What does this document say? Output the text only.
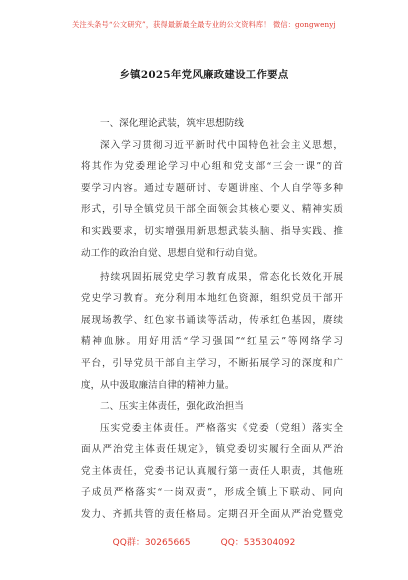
关注头条号“公文研究”，获得最新最全最专业的公文资料库！ 微信：gongwenyj
乡镇2025年党风廉政建设工作要点
一、深化理论武装，筑牢思想防线
深入学习贯彻习近平新时代中国特色社会主义思想，
将其作为党委理论学习中心组和党支部“三会一课”的首
要学习内容。通过专题研讨、专题讲座、个人自学等多种
形式，引导全镇党员干部全面领会其核心要义、精神实质
和实践要求，切实增强用新思想武装头脑、指导实践、推
动工作的政治自觉、思想自觉和行动自觉。
持续巩固拓展党史学习教育成果，常态化长效化开展
党史学习教育。充分利用本地红色资源，组织党员干部开
展现场教学、红色家书诵读等活动，传承红色基因，赓续
精神血脉。用好用活“学习强国”“红星云”等网络学习
平台，引导党员干部自主学习，不断拓展学习的深度和广
度，从中汲取廉洁自律的精神力量。
二、压实主体责任，强化政治担当
压实党委主体责任。严格落实《党委（党组）落实全
面从严治党主体责任规定》，镇党委切实履行全面从严治
党主体责任，党委书记认真履行第一责任人职责，其他班
子成员严格落实“一岗双责”，形成全镇上下联动、同向
发力、齐抓共管的责任格局。定期召开全面从严治党暨党
QQ群：30265665	QQ：535304092
